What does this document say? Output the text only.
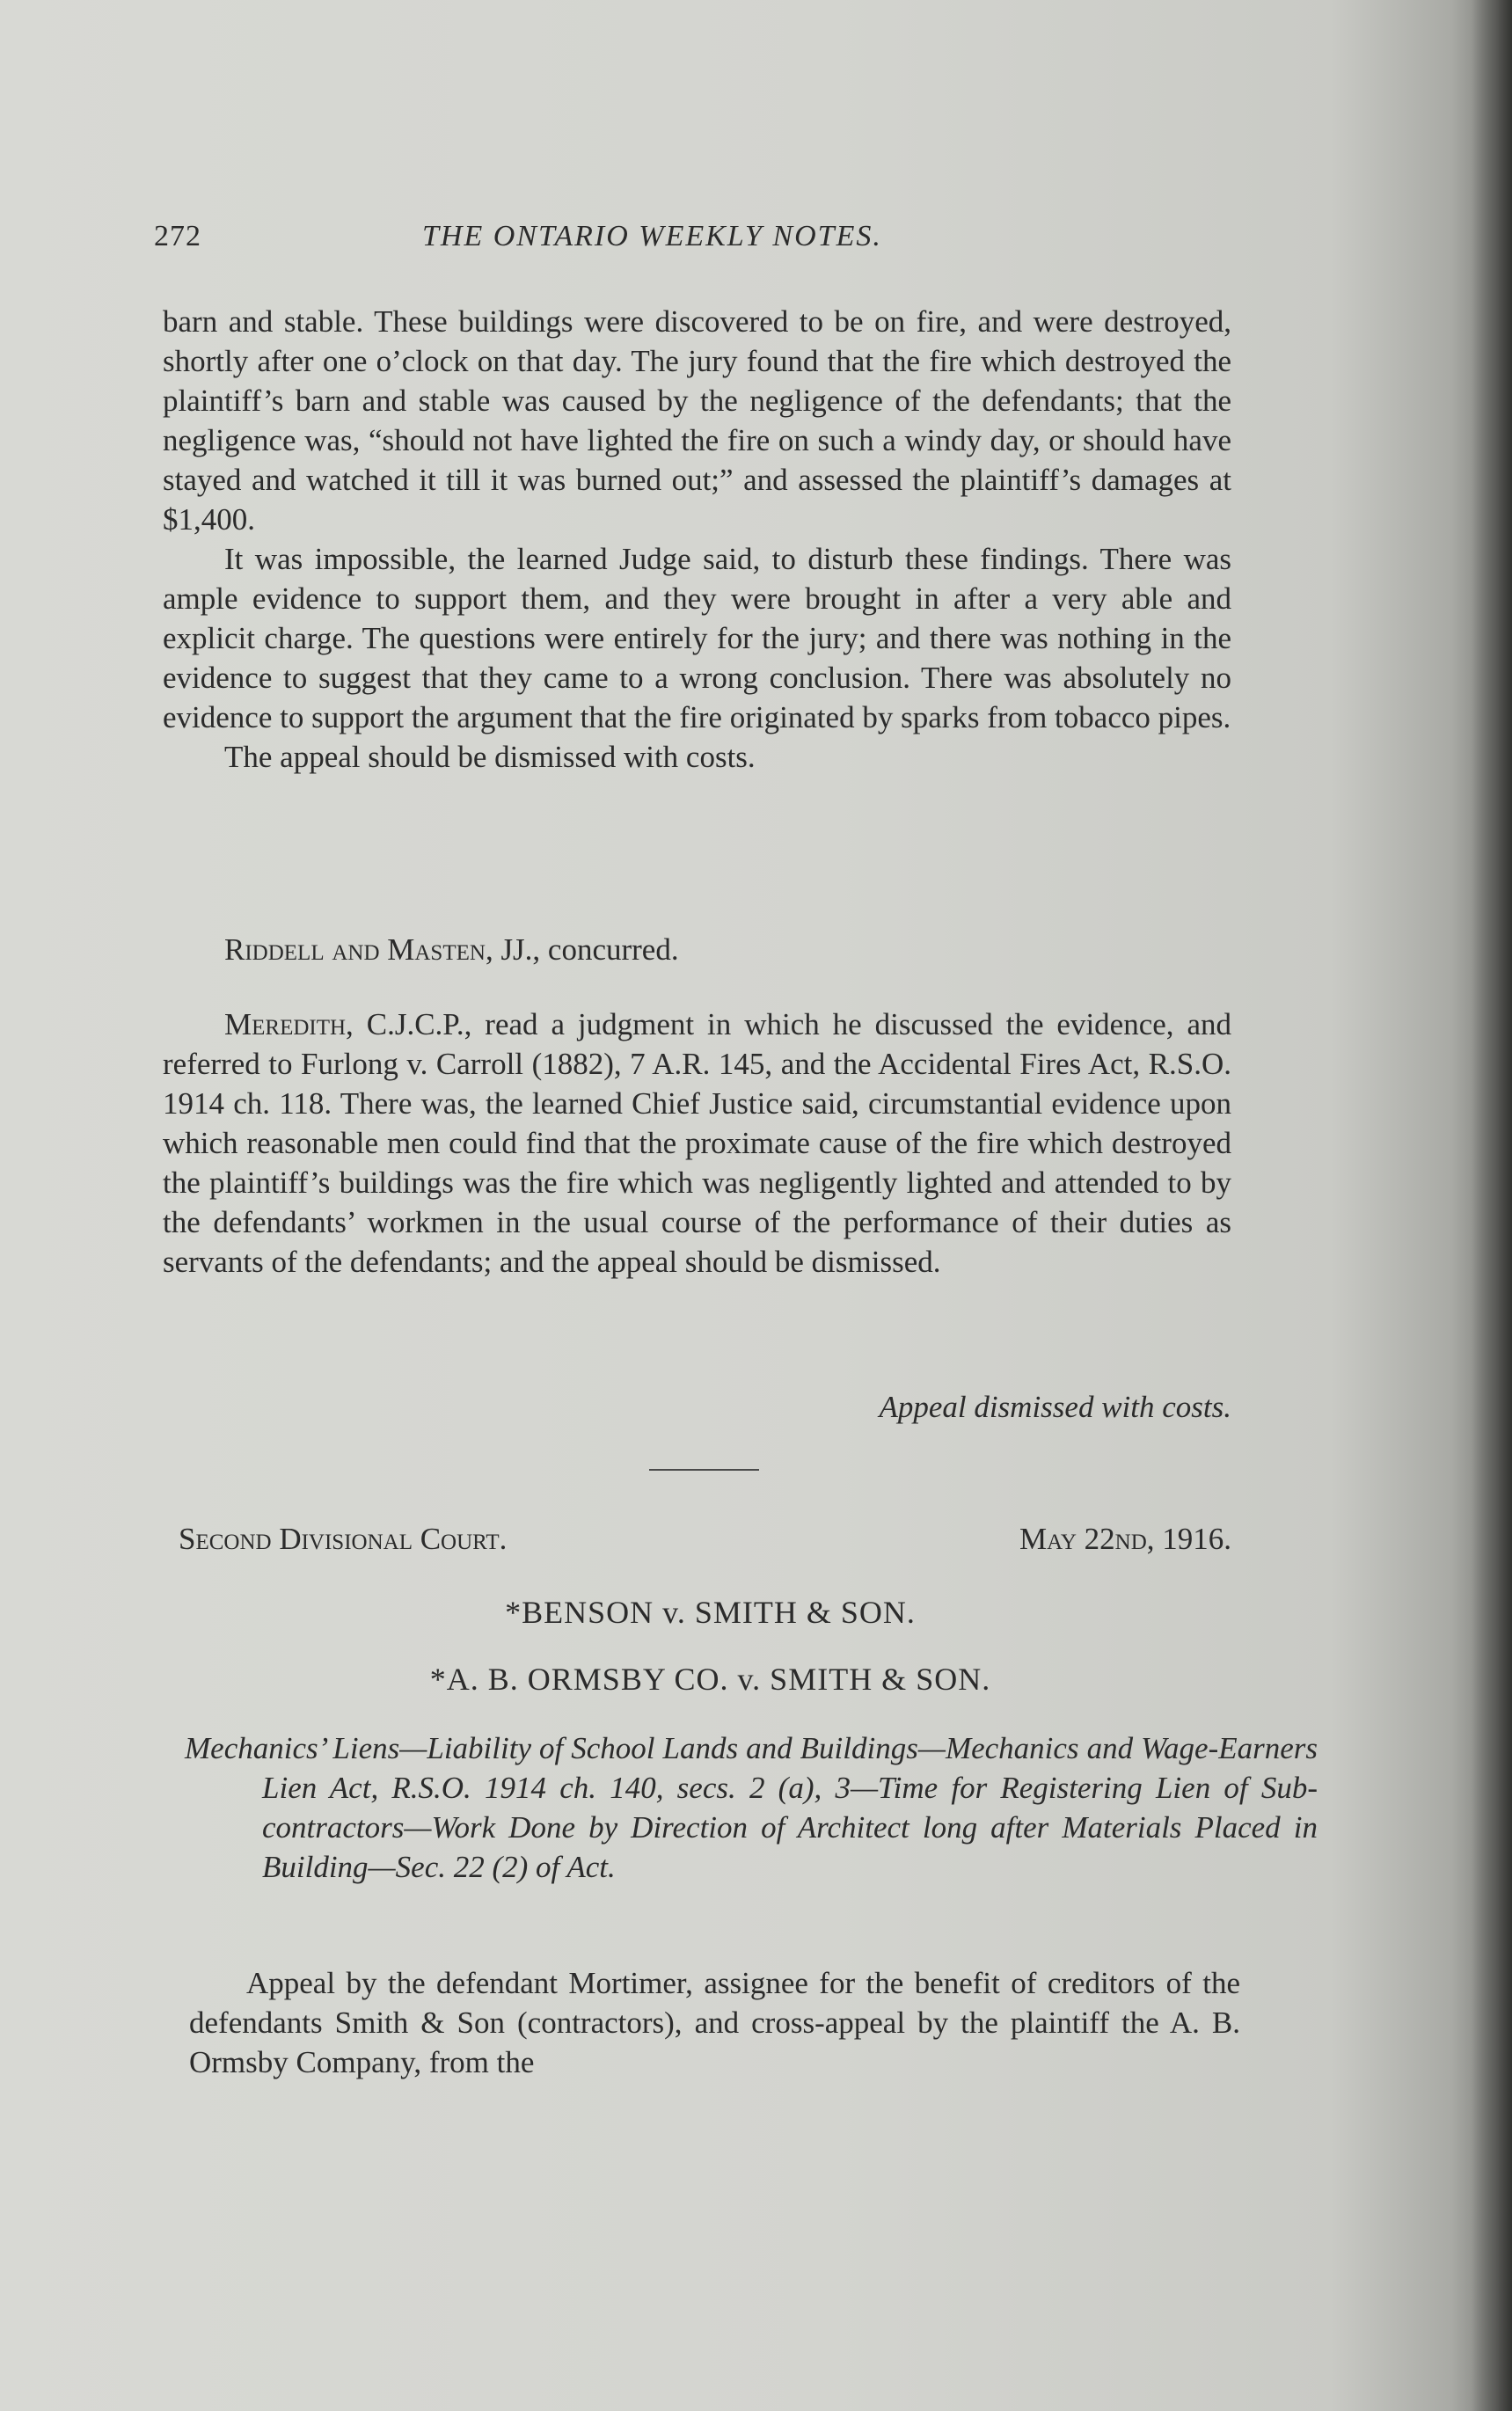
272	THE ONTARIO WEEKLY NOTES.

barn and stable. These buildings were discovered to be on fire, and were destroyed, shortly after one o’clock on that day. The jury found that the fire which destroyed the plaintiff’s barn and stable was caused by the negligence of the defendants; that the negligence was, “should not have lighted the fire on such a windy day, or should have stayed and watched it till it was burned out;” and assessed the plaintiff’s damages at $1,400.

It was impossible, the learned Judge said, to disturb these findings. There was ample evidence to support them, and they were brought in after a very able and explicit charge. The questions were entirely for the jury; and there was nothing in the evidence to suggest that they came to a wrong conclusion. There was absolutely no evidence to support the argument that the fire originated by sparks from tobacco pipes.

The appeal should be dismissed with costs.

Riddell and Masten, JJ., concurred.

Meredith, C.J.C.P., read a judgment in which he discussed the evidence, and referred to Furlong v. Carroll (1882), 7 A.R. 145, and the Accidental Fires Act, R.S.O. 1914 ch. 118. There was, the learned Chief Justice said, circumstantial evidence upon which reasonable men could find that the proximate cause of the fire which destroyed the plaintiff’s buildings was the fire which was negligently lighted and attended to by the defendants’ workmen in the usual course of the performance of their duties as servants of the defendants; and the appeal should be dismissed.

Appeal dismissed with costs.
Second Divisional Court.	May 22nd, 1916.
*BENSON v. SMITH & SON.
*A. B. ORMSBY CO. v. SMITH & SON.
Mechanics’ Liens—Liability of School Lands and Buildings—Mechanics and Wage-Earners Lien Act, R.S.O. 1914 ch. 140, secs. 2 (a), 3—Time for Registering Lien of Sub-contractors—Work Done by Direction of Architect long after Materials Placed in Building—Sec. 22 (2) of Act.

Appeal by the defendant Mortimer, assignee for the benefit of creditors of the defendants Smith & Son (contractors), and cross-appeal by the plaintiff the A. B. Ormsby Company, from the
